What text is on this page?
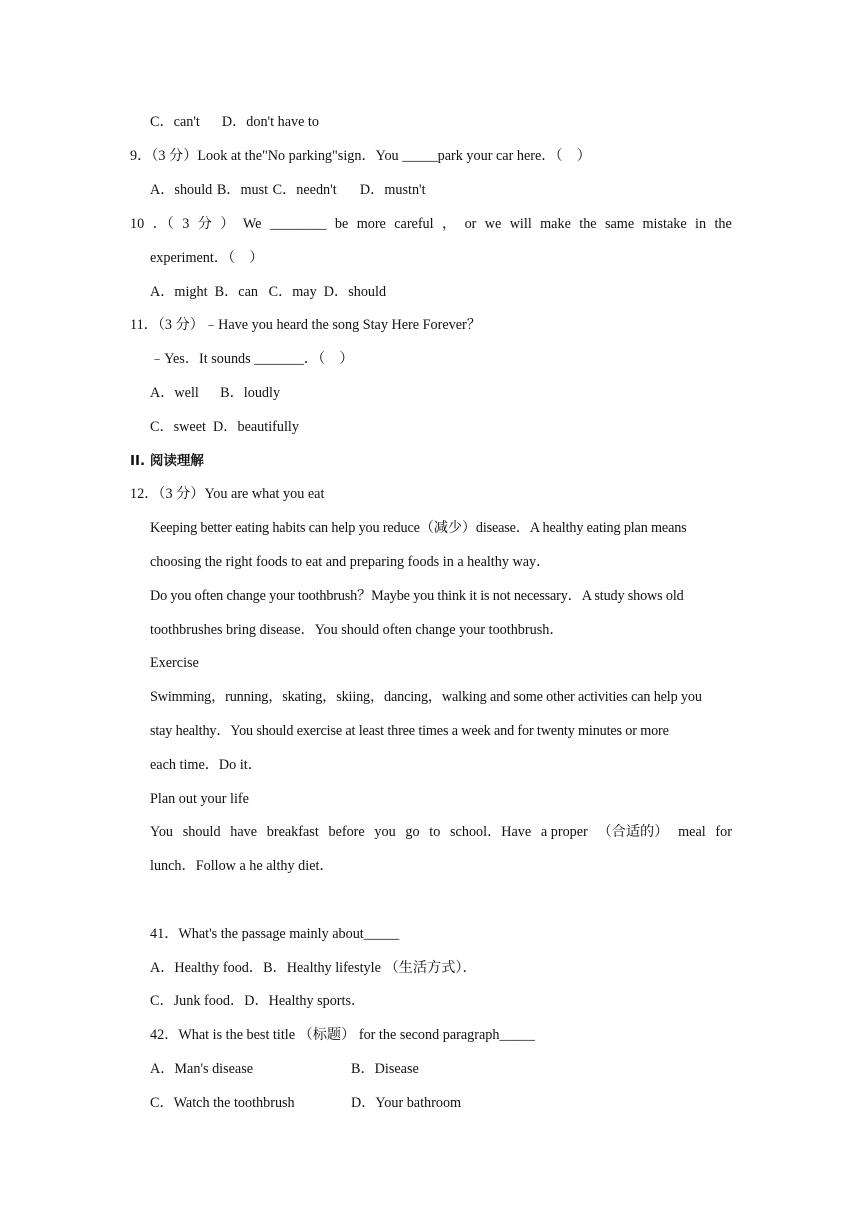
C．can't D．don't have to
9．（3 分）Look at the"No parking"sign．You _____park your car here．（　）
A．should B．must C．needn't 　 D．mustn't
10 ．（ 3 分 ） We ________ be more careful ， or we will make the same mistake in the
experiment．（　）
A．might  B．can   C．may  D．should
11．（3 分）﹣Have you heard the song Stay Here Forever？
﹣Yes．It sounds _______．（　）
A．well 　 B．loudly
C．sweet  D．beautifully
II. 阅读理解
12．（3 分）You are what you eat
Keeping better eating habits can help you reduce（减少）disease．A healthy eating plan means
choosing the right foods to eat and preparing foods in a healthy way．
Do you often change your toothbrush？Maybe you think it is not necessary．A study shows old
toothbrushes bring disease．You should often change your toothbrush．
Exercise
Swimming，running，skating，skiing，dancing，walking and some other activities can help you
stay healthy．You should exercise at least three times a week and for twenty minutes or more
each time．Do it．
Plan out your life
You should have breakfast before you go to school．Have a proper （合适的） meal for
lunch．Follow a he althy diet．
41．What's the passage mainly about_____
A．Healthy food．B．Healthy lifestyle （生活方式）．
C．Junk food．D．Healthy sports．
42．What is the best title （标题） for the second paragraph_____
A．Man's disease	B．Disease
C．Watch the toothbrush	D．Your bathroom
